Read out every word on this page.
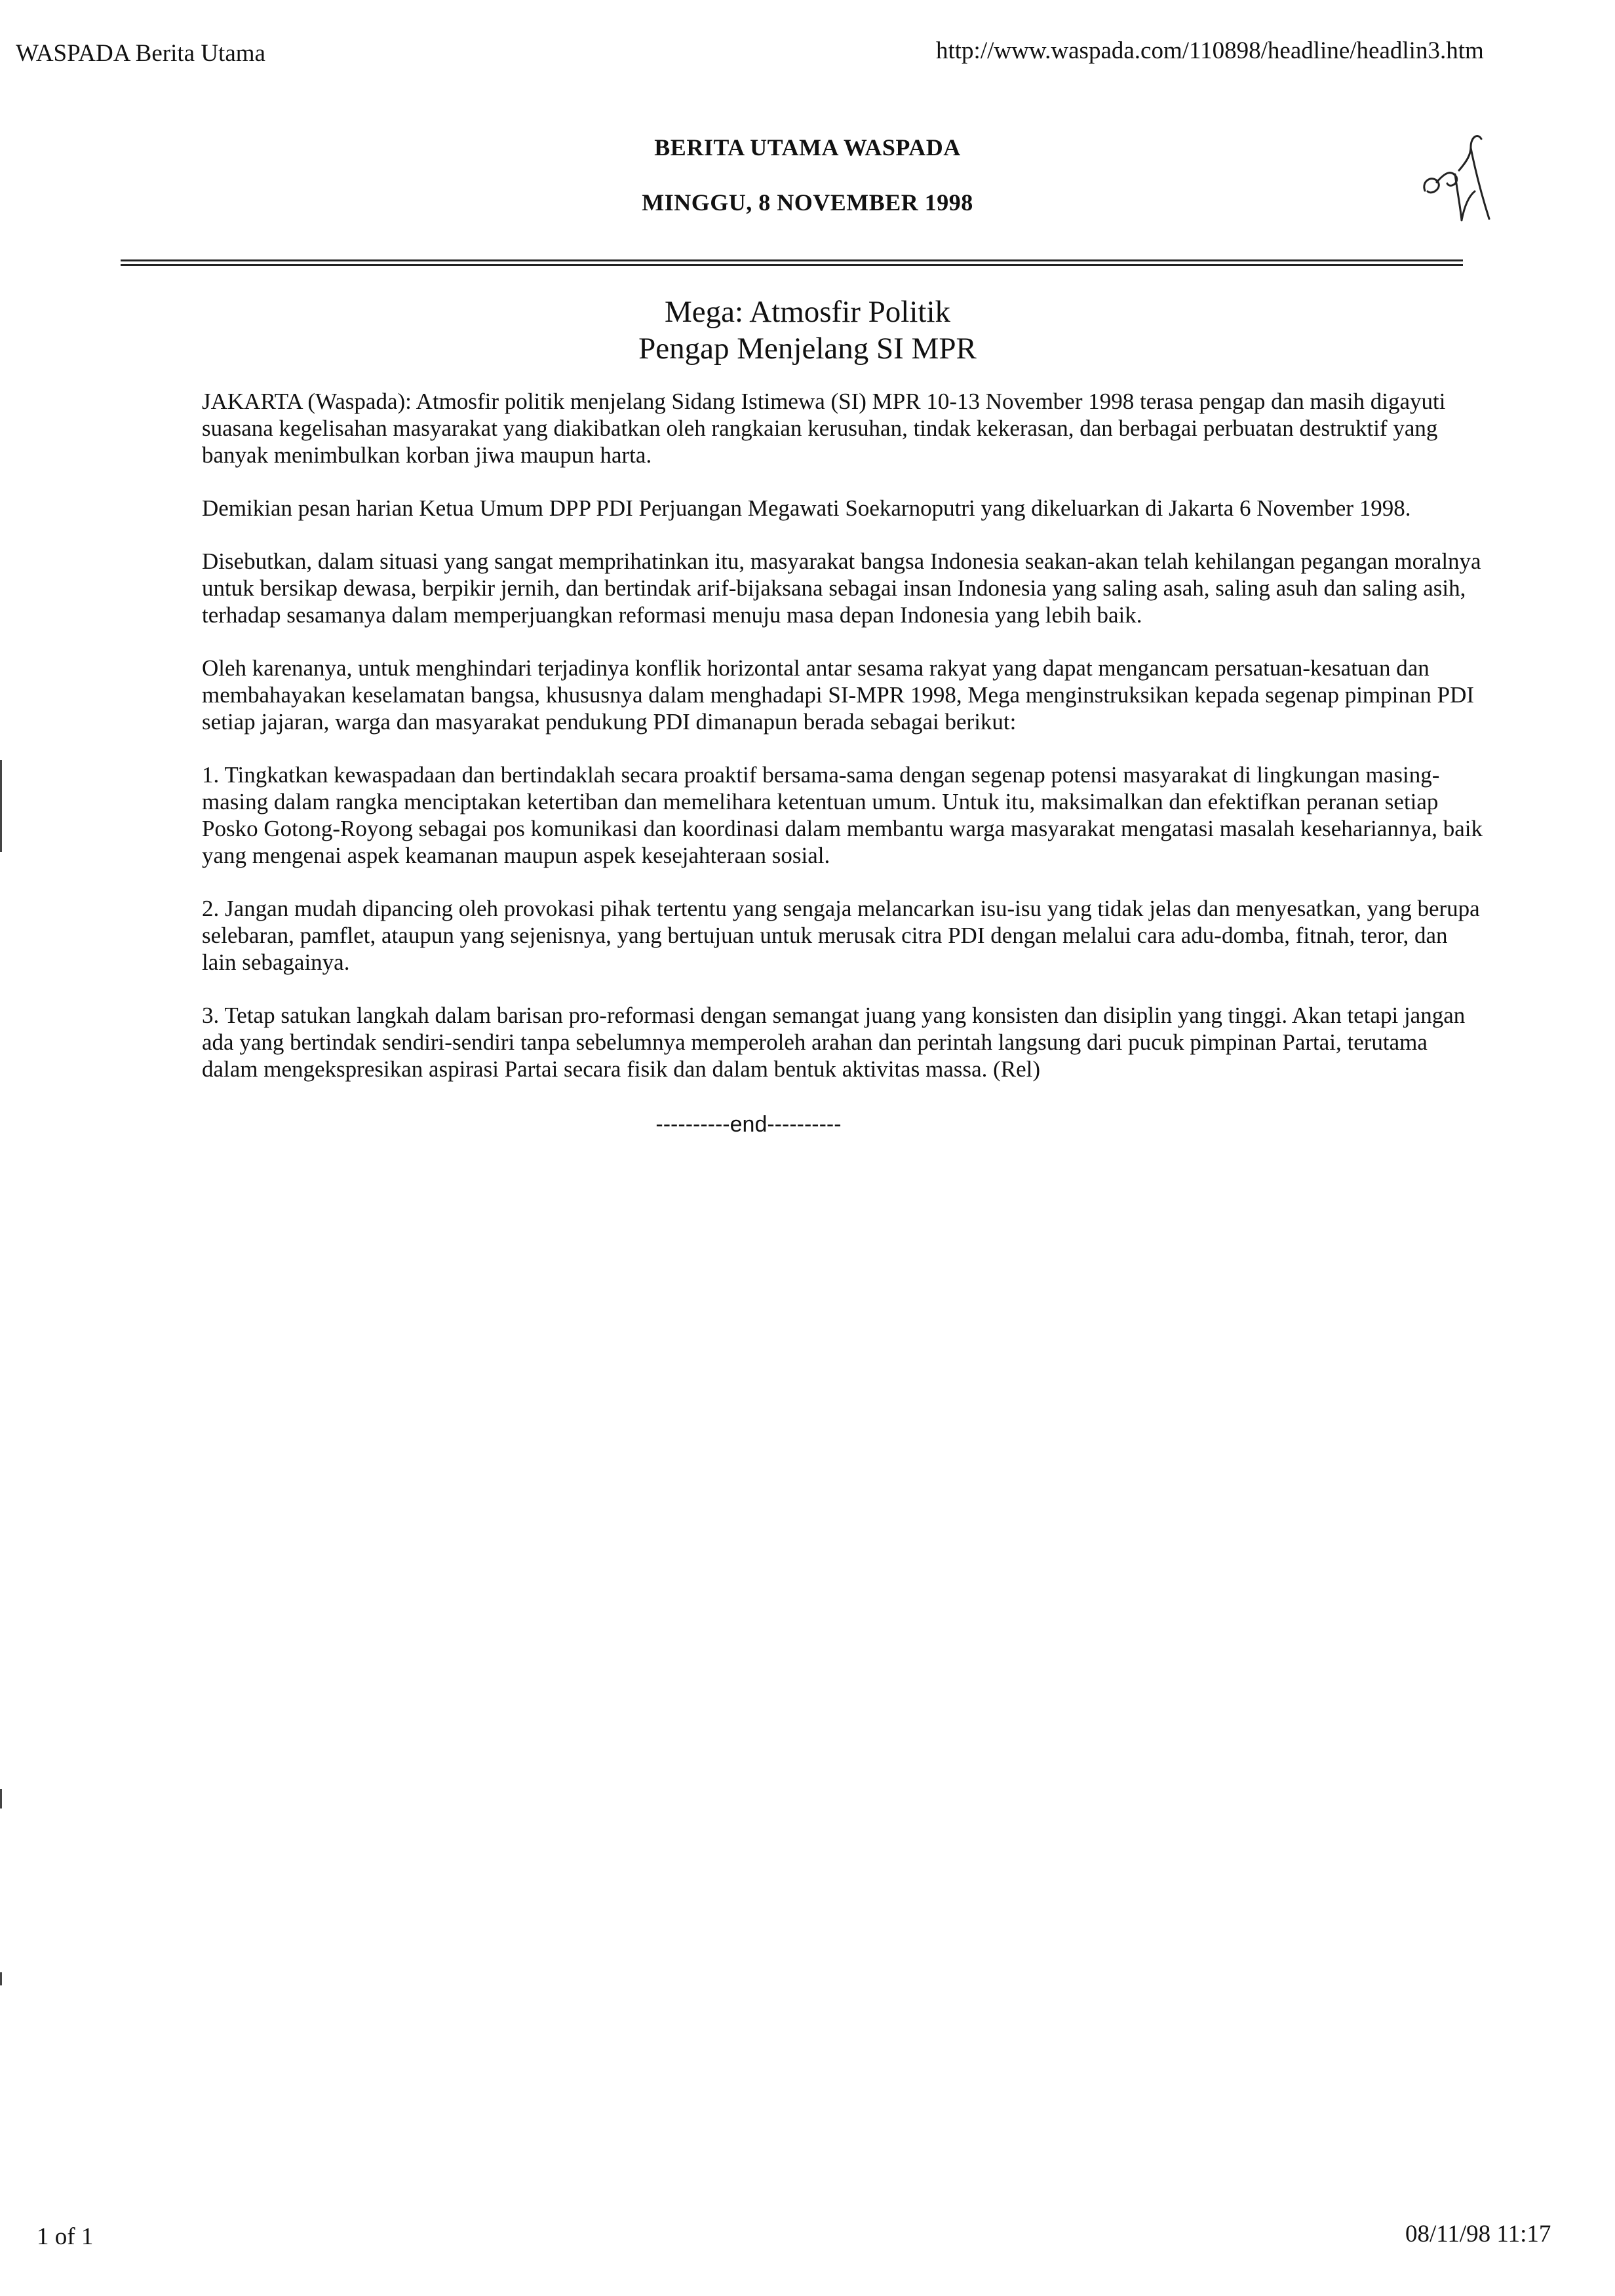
WASPADA Berita Utama	http://www.waspada.com/110898/headline/headlin3.htm
BERITA UTAMA WASPADA
MINGGU, 8 NOVEMBER 1998
Mega: Atmosfir Politik
Pengap Menjelang SI MPR

JAKARTA (Waspada): Atmosfir politik menjelang Sidang Istimewa (SI) MPR 10-13 November 1998 terasa pengap dan masih digayuti suasana kegelisahan masyarakat yang diakibatkan oleh rangkaian kerusuhan, tindak kekerasan, dan berbagai perbuatan destruktif yang banyak menimbulkan korban jiwa maupun harta.

Demikian pesan harian Ketua Umum DPP PDI Perjuangan Megawati Soekarnoputri yang dikeluarkan di Jakarta 6 November 1998.

Disebutkan, dalam situasi yang sangat memprihatinkan itu, masyarakat bangsa Indonesia seakan-akan telah kehilangan pegangan moralnya untuk bersikap dewasa, berpikir jernih, dan bertindak arif-bijaksana sebagai insan Indonesia yang saling asah, saling asuh dan saling asih, terhadap sesamanya dalam memperjuangkan reformasi menuju masa depan Indonesia yang lebih baik.

Oleh karenanya, untuk menghindari terjadinya konflik horizontal antar sesama rakyat yang dapat mengancam persatuan-kesatuan dan membahayakan keselamatan bangsa, khususnya dalam menghadapi SI-MPR 1998, Mega menginstruksikan kepada segenap pimpinan PDI setiap jajaran, warga dan masyarakat pendukung PDI dimanapun berada sebagai berikut:

1. Tingkatkan kewaspadaan dan bertindaklah secara proaktif bersama-sama dengan segenap potensi masyarakat di lingkungan masing-masing dalam rangka menciptakan ketertiban dan memelihara ketentuan umum. Untuk itu, maksimalkan dan efektifkan peranan setiap Posko Gotong-Royong sebagai pos komunikasi dan koordinasi dalam membantu warga masyarakat mengatasi masalah kesehariannya, baik yang mengenai aspek keamanan maupun aspek kesejahteraan sosial.

2. Jangan mudah dipancing oleh provokasi pihak tertentu yang sengaja melancarkan isu-isu yang tidak jelas dan menyesatkan, yang berupa selebaran, pamflet, ataupun yang sejenisnya, yang bertujuan untuk merusak citra PDI dengan melalui cara adu-domba, fitnah, teror, dan lain sebagainya.

3. Tetap satukan langkah dalam barisan pro-reformasi dengan semangat juang yang konsisten dan disiplin yang tinggi. Akan tetapi jangan ada yang bertindak sendiri-sendiri tanpa sebelumnya memperoleh arahan dan perintah langsung dari pucuk pimpinan Partai, terutama dalam mengekspresikan aspirasi Partai secara fisik dan dalam bentuk aktivitas massa. (Rel)

----------end----------
1 of 1	08/11/98 11:17
